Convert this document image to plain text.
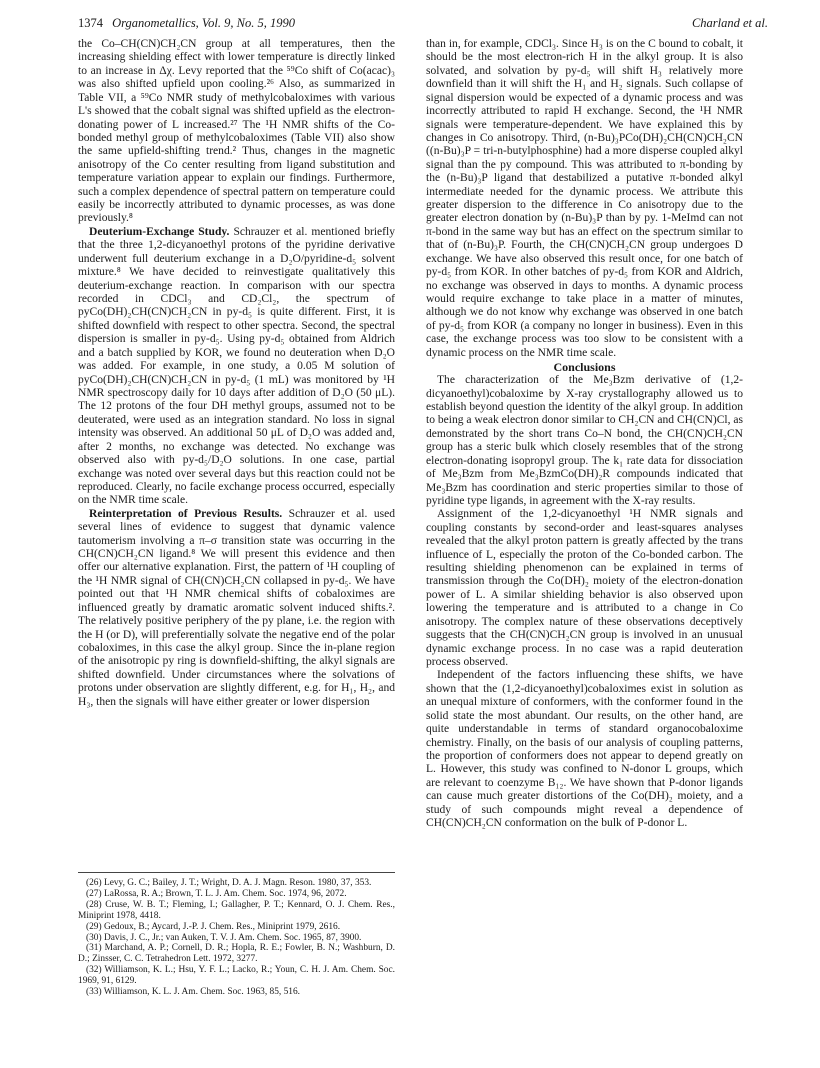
1374 Organometallics, Vol. 9, No. 5, 1990	Charland et al.

the Co–CH(CN)CH₂CN group at all temperatures, then the increasing shielding effect with lower temperature is directly linked to an increase in Δχ. Levy reported that the ⁵⁹Co shift of Co(acac)₃ was also shifted upfield upon cooling.²⁶ Also, as summarized in Table VII, a ⁵⁹Co NMR study of methylcobaloximes with various L's showed that the cobalt signal was shifted upfield as the electron-donating power of L increased.²⁷ The ¹H NMR shifts of the Co-bonded methyl group of methylcobaloximes (Table VII) also show the same upfield-shifting trend.² Thus, changes in the magnetic anisotropy of the Co center resulting from ligand substitution and temperature variation appear to explain our findings. Furthermore, such a complex dependence of spectral pattern on temperature could easily be incorrectly attributed to dynamic processes, as was done previously.⁸

Deuterium-Exchange Study. Schrauzer et al. mentioned briefly that the three 1,2-dicyanoethyl protons of the pyridine derivative underwent full deuterium exchange in a D₂O/pyridine-d₅ solvent mixture.⁸ We have decided to reinvestigate qualitatively this deuterium-exchange reaction. In comparison with our spectra recorded in CDCl₃ and CD₂Cl₂, the spectrum of pyCo(DH)₂CH(CN)CH₂CN in py-d₅ is quite different. First, it is shifted downfield with respect to other spectra. Second, the spectral dispersion is smaller in py-d₅. Using py-d₅ obtained from Aldrich and a batch supplied by KOR, we found no deuteration when D₂O was added. For example, in one study, a 0.05 M solution of pyCo(DH)₂CH(CN)CH₂CN in py-d₅ (1 mL) was monitored by ¹H NMR spectroscopy daily for 10 days after addition of D₂O (50 μL). The 12 protons of the four DH methyl groups, assumed not to be deuterated, were used as an integration standard. No loss in signal intensity was observed. An additional 50 μL of D₂O was added and, after 2 months, no exchange was detected. No exchange was observed also with py-d₅/D₂O solutions. In one case, partial exchange was noted over several days but this reaction could not be reproduced. Clearly, no facile exchange process occurred, especially on the NMR time scale.

Reinterpretation of Previous Results. Schrauzer et al. used several lines of evidence to suggest that dynamic valence tautomerism involving a π–σ transition state was occurring in the CH(CN)CH₂CN ligand.⁸ We will present this evidence and then offer our alternative explanation. First, the pattern of ¹H coupling of the ¹H NMR signal of CH(CN)CH₂CN collapsed in py-d₅. We have pointed out that ¹H NMR chemical shifts of cobaloximes are influenced greatly by dramatic aromatic solvent induced shifts.². The relatively positive periphery of the py plane, i.e. the region with the H (or D), will preferentially solvate the negative end of the polar cobaloximes, in this case the alkyl group. Since the in-plane region of the anisotropic py ring is downfield-shifting, the alkyl signals are shifted downfield. Under circumstances where the solvations of protons under observation are slightly different, e.g. for H₁, H₂, and H₃, then the signals will have either greater or lower dispersion

(26) Levy, G. C.; Bailey, J. T.; Wright, D. A. J. Magn. Reson. 1980, 37, 353.

(27) LaRossa, R. A.; Brown, T. L. J. Am. Chem. Soc. 1974, 96, 2072.

(28) Cruse, W. B. T.; Fleming, I.; Gallagher, P. T.; Kennard, O. J. Chem. Res., Miniprint 1978, 4418.

(29) Gedoux, B.; Aycard, J.-P. J. Chem. Res., Miniprint 1979, 2616.

(30) Davis, J. C., Jr.; van Auken, T. V. J. Am. Chem. Soc. 1965, 87, 3900.

(31) Marchand, A. P.; Cornell, D. R.; Hopla, R. E.; Fowler, B. N.; Washburn, D. D.; Zinsser, C. C. Tetrahedron Lett. 1972, 3277.

(32) Williamson, K. L.; Hsu, Y. F. L.; Lacko, R.; Youn, C. H. J. Am. Chem. Soc. 1969, 91, 6129.

(33) Williamson, K. L. J. Am. Chem. Soc. 1963, 85, 516.

than in, for example, CDCl₃. Since H₃ is on the C bound to cobalt, it should be the most electron-rich H in the alkyl group. It is also solvated, and solvation by py-d₅ will shift H₃ relatively more downfield than it will shift the H₁ and H₂ signals. Such collapse of signal dispersion would be expected of a dynamic process and was incorrectly attributed to rapid H exchange. Second, the ¹H NMR signals were temperature-dependent. We have explained this by changes in Co anisotropy. Third, (n-Bu)₃PCo(DH)₂CH(CN)CH₂CN ((n-Bu)₃P = tri-n-butylphosphine) had a more disperse coupled alkyl signal than the py compound. This was attributed to π-bonding by the (n-Bu)₃P ligand that destabilized a putative π-bonded alkyl intermediate needed for the dynamic process. We attribute this greater dispersion to the difference in Co anisotropy due to the greater electron donation by (n-Bu)₃P than by py. 1-MeImd can not π-bond in the same way but has an effect on the spectrum similar to that of (n-Bu)₃P. Fourth, the CH(CN)CH₂CN group undergoes D exchange. We have also observed this result once, for one batch of py-d₅ from KOR. In other batches of py-d₅ from KOR and Aldrich, no exchange was observed in days to months. A dynamic process would require exchange to take place in a matter of minutes, although we do not know why exchange was observed in one batch of py-d₅ from KOR (a company no longer in business). Even in this case, the exchange process was too slow to be consistent with a dynamic process on the NMR time scale.

Conclusions

The characterization of the Me₃Bzm derivative of (1,2-dicyanoethyl)cobaloxime by X-ray crystallography allowed us to establish beyond question the identity of the alkyl group. In addition to being a weak electron donor similar to CH₂CN and CH(CN)Cl, as demonstrated by the short trans Co–N bond, the CH(CN)CH₂CN group has a steric bulk which closely resembles that of the strong electron-donating isopropyl group. The k₁ rate data for dissociation of Me₃Bzm from Me₃BzmCo(DH)₂R compounds indicated that Me₃Bzm has coordination and steric properties similar to those of pyridine type ligands, in agreement with the X-ray results.

Assignment of the 1,2-dicyanoethyl ¹H NMR signals and coupling constants by second-order and least-squares analyses revealed that the alkyl proton pattern is greatly affected by the trans influence of L, especially the proton of the Co-bonded carbon. The resulting shielding phenomenon can be explained in terms of transmission through the Co(DH)₂ moiety of the electron-donation power of L. A similar shielding behavior is also observed upon lowering the temperature and is attributed to a change in Co anisotropy. The complex nature of these observations deceptively suggests that the CH(CN)CH₂CN group is involved in an unusual dynamic exchange process. In no case was a rapid deuteration process observed.

Independent of the factors influencing these shifts, we have shown that the (1,2-dicyanoethyl)cobaloximes exist in solution as an unequal mixture of conformers, with the conformer found in the solid state the most abundant. Our results, on the other hand, are quite understandable in terms of standard organocobaloxime chemistry. Finally, on the basis of our analysis of coupling patterns, the proportion of conformers does not appear to depend greatly on L. However, this study was confined to N-donor L groups, which are relevant to coenzyme B₁₂. We have shown that P-donor ligands can cause much greater distortions of the Co(DH)₂ moiety, and a study of such compounds might reveal a dependence of CH(CN)CH₂CN conformation on the bulk of P-donor L.
